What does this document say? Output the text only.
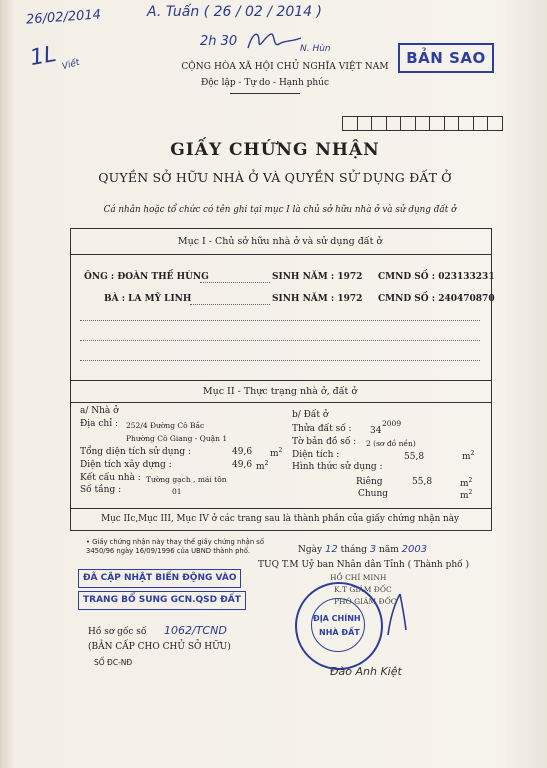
26/02/2014
1L Viết
A. Tuấn ( 26 / 02 / 2014 )
2h 30	N. Hùn	BẢN SAO
CỘNG HÒA XÃ HỘI CHỦ NGHĨA VIỆT NAM
Độc lập - Tự do - Hạnh phúc
GIẤY CHỨNG NHẬN
QUYỀN SỞ HỮU NHÀ Ở VÀ QUYỀN SỬ DỤNG ĐẤT Ở
Cá nhân hoặc tổ chức có tên ghi tại mục I là chủ sở hữu nhà ở và sử dụng đất ở
Mục I - Chủ sở hữu nhà ở và sử dụng đất ở
ÔNG : ĐOÀN THẾ HÙNG	SINH NĂM : 1972 CMND SỐ : 023133231
BÀ : LA MỸ LINH	SINH NĂM : 1972 CMND SỐ : 240470870
Mục II - Thực trạng nhà ở, đất ở
a/ Nhà ở
Địa chỉ : 252/4 Đường Cô Bắc
Phường Cô Giang - Quận 1
Tổng diện tích sử dụng :	49,6 $m^2$
Diện tích xây dựng :	49,6 $m^2$
Kết cấu nhà : Tường gạch , mái tôn
Số tầng :	01
b/ Đất ở
Thửa đất số : 34
2009
Tờ bản đồ số : 2 (sơ đồ nền)
Diện tích :	55,8	$m^2$
Hình thức sử dụng :
Riêng	55,8	$m^2$
Chung	$m^2$
Mục IIc,Mục III, Mục IV ở các trang sau là thành phần của giấy chứng nhận này
• Giấy chứng nhận này thay thế giấy chứng nhận số 3450/96 ngày 16/09/1996 của UBND thành phố.
ĐÃ CẬP NHẬT BIẾN ĐỘNG VÀO
TRANG BỔ SUNG GCN.QSD ĐẤT
Hồ sơ gốc số 1062/TCND
(BẢN CẤP CHO CHỦ SỞ HỮU)
SỐ ĐC-NĐ
Ngày 12 tháng 3 năm 2003
TUQ T.M Uỷ ban Nhân dân Tỉnh ( Thành phố )
HỒ CHÍ MINH
K.T GIÁM ĐỐC
PHÓ GIÁM ĐỐC
ĐỊA CHÍNH
NHÀ ĐẤT
Đào Anh Kiệt
